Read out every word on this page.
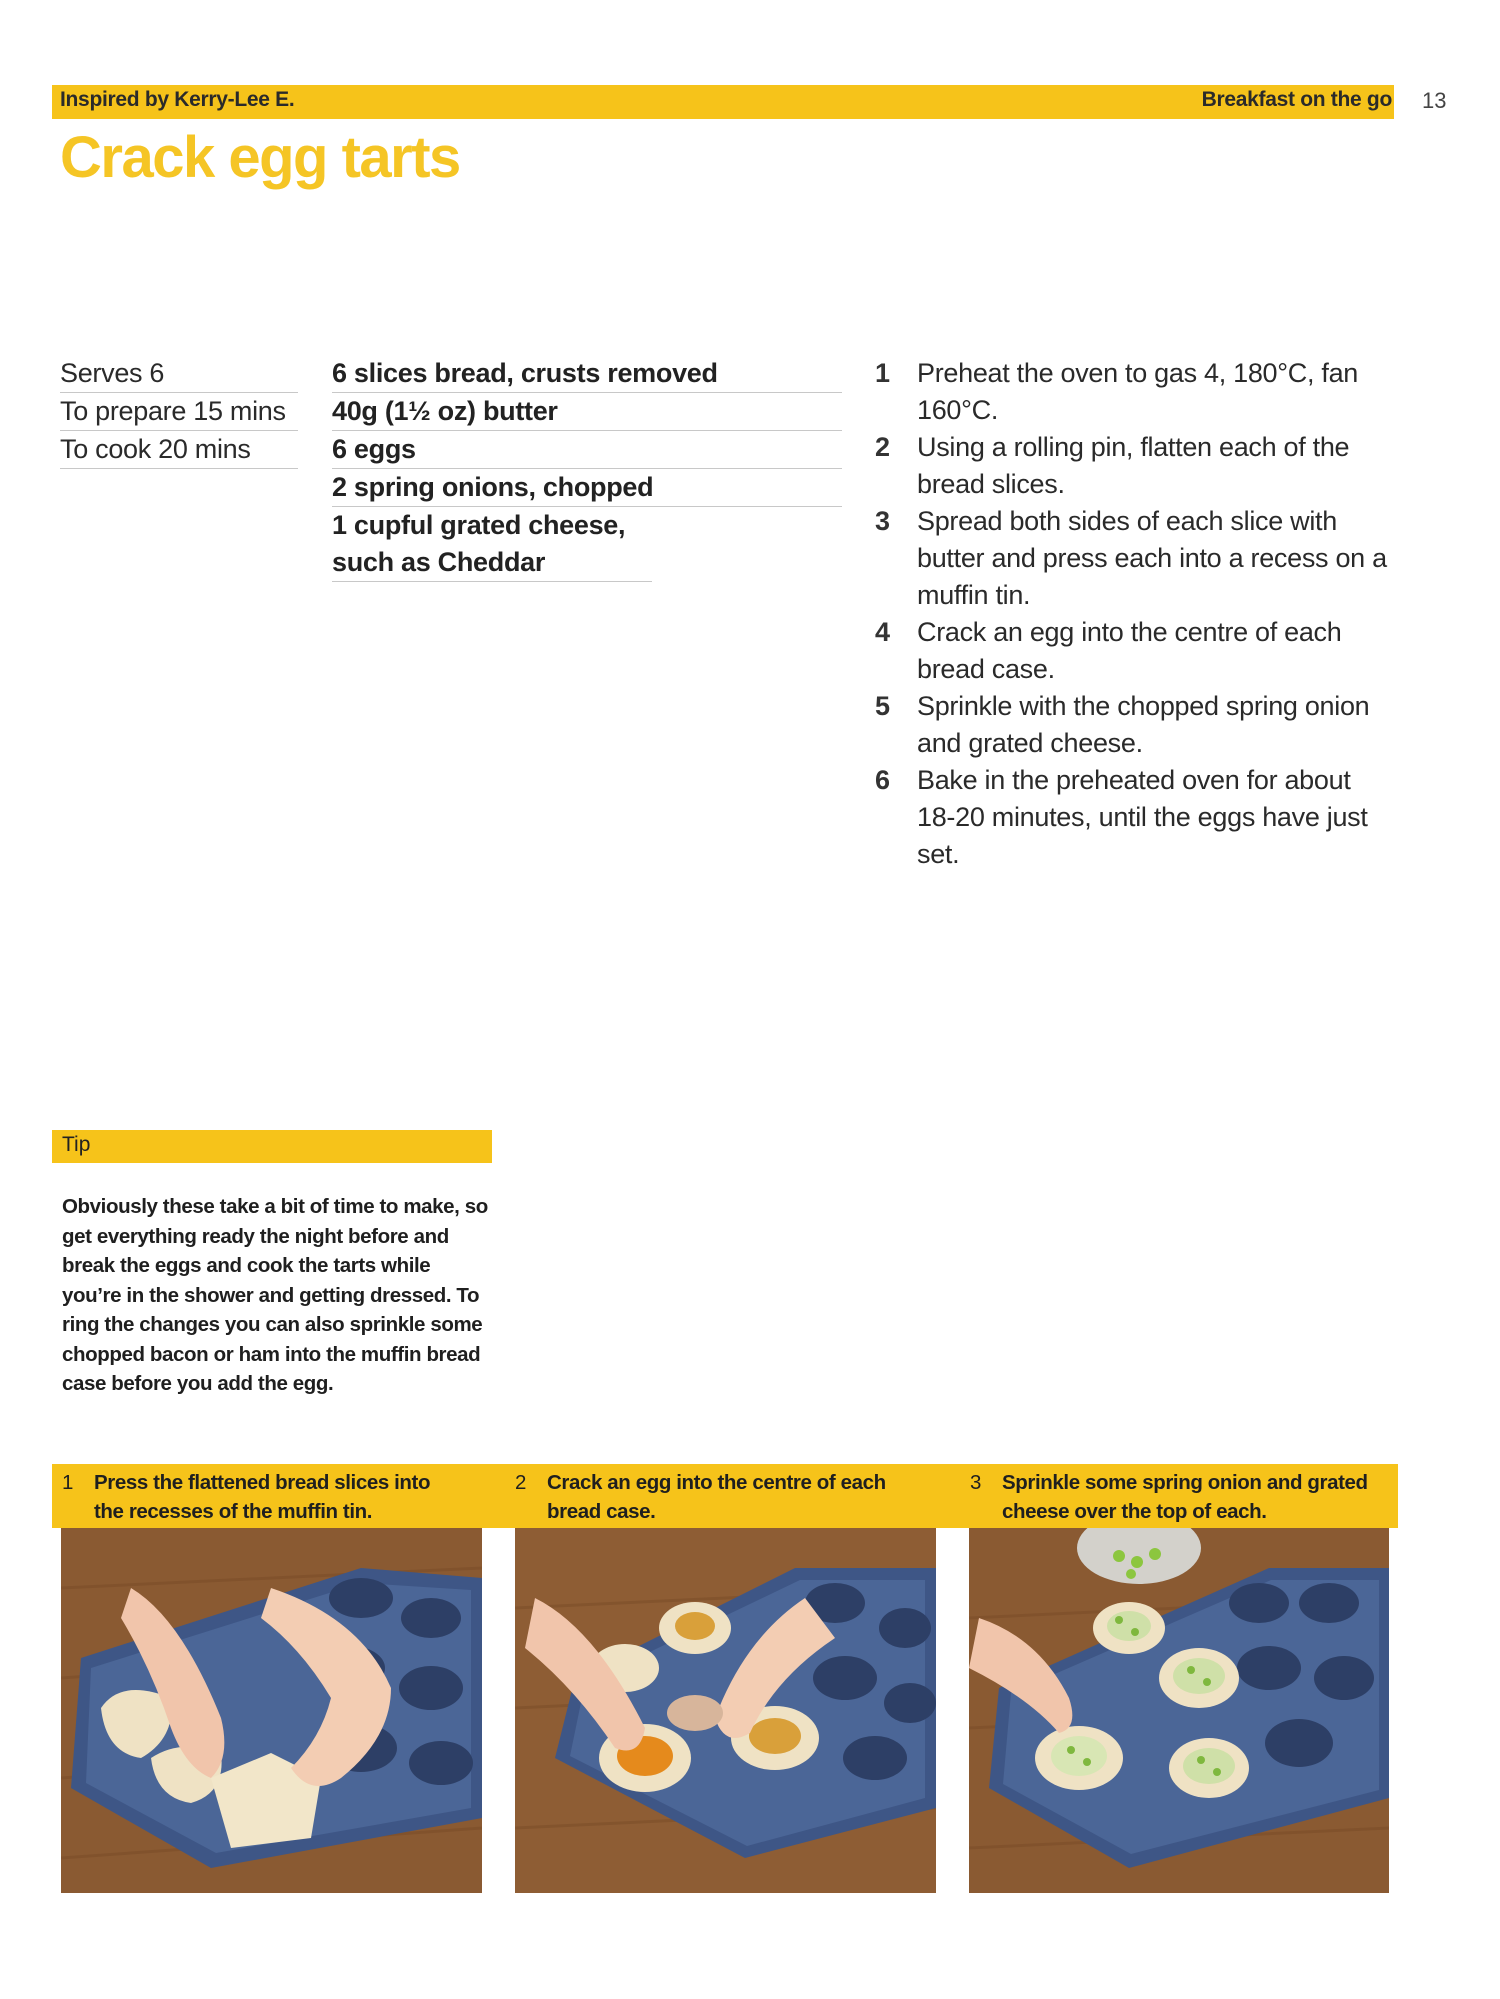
Inspired by Kerry-Lee E.	Breakfast on the go 13
Crack egg tarts
Serves 6
To prepare 15 mins
To cook 20 mins
6 slices bread, crusts removed
40g (1½ oz) butter
6 eggs
2 spring onions, chopped
1 cupful grated cheese, such as Cheddar
1	Preheat the oven to gas 4, 180°C, fan 160°C.
2	Using a rolling pin, flatten each of the bread slices.
3	Spread both sides of each slice with butter and press each into a recess on a muffin tin.
4	Crack an egg into the centre of each bread case.
5	Sprinkle with the chopped spring onion and grated cheese.
6	Bake in the preheated oven for about 18-20 minutes, until the eggs have just set.
Tip

Obviously these take a bit of time to make, so get everything ready the night before and break the eggs and cook the tarts while you’re in the shower and getting dressed. To ring the changes you can also sprinkle some chopped bacon or ham into the muffin bread case before you add the egg.

1	Press the flattened bread slices into the recesses of the muffin tin.
2	Crack an egg into the centre of each bread case.
3	Sprinkle some spring onion and grated cheese over the top of each.
